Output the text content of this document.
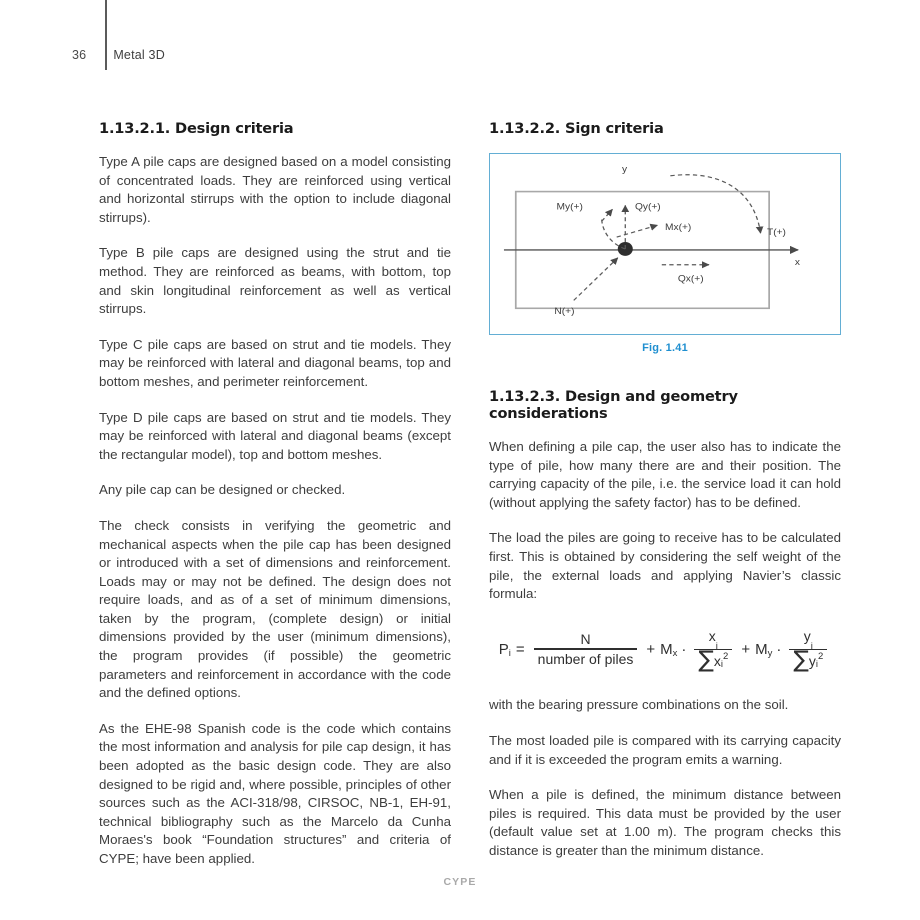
36	Metal 3D
1.13.2.1. Design criteria

Type A pile caps are designed based on a model consisting of concentrated loads. They are reinforced using vertical and horizontal stirrups with the option to include diagonal stirrups).

Type B pile caps are designed using the strut and tie method. They are reinforced as beams, with bottom, top and skin longitudinal reinforcement as well as vertical stirrups.

Type C pile caps are based on strut and tie models. They may be reinforced with lateral and diagonal beams, top and bottom meshes, and perimeter reinforcement.

Type D pile caps are based on strut and tie models. They may be reinforced with lateral and diagonal beams (except the rectangular model), top and bottom meshes.

Any pile cap can be designed or checked.

The check consists in verifying the geometric and mechanical aspects when the pile cap has been designed or introduced with a set of dimensions and reinforcement. Loads may or may not be defined. The design does not require loads, and as of a set of minimum dimensions, taken by the program, (complete design) or initial dimensions provided by the user (minimum dimensions), the program provides (if possible) the geometric parameters and reinforcement in accordance with the code and the defined options.

As the EHE-98 Spanish code is the code which contains the most information and analysis for pile cap design, it has been adopted as the basic design code. They are also designed to be rigid and, where possible, principles of other sources such as the ACI-318/98, CIRSOC, NB-1, EH-91, technical bibliography such as the Marcelo da Cunha Moraes's book “Foundation structures” and criteria of CYPE; have been applied.

1.13.2.2. Sign criteria
y
x
Qy(+)
My(+)
Mx(+)
Qx(+)
N(+)
T(+)
Fig. 1.41
1.13.2.3. Design and geometry considerations

When defining a pile cap, the user also has to indicate the type of pile, how many there are and their position. The carrying capacity of the pile, i.e. the service load it can hold (without applying the safety factor) has to be defined.

The load the piles are going to receive has to be calculated first. This is obtained by considering the self weight of the pile, the external loads and applying Navier’s classic formula:

P $i = \frac{N}{\text{number of piles}} + M$ $x \cdot x_i$
∑ x i
2 + M $y \cdot y_i$
∑ y i
2

with the bearing pressure combinations on the soil.

The most loaded pile is compared with its carrying capacity and if it is exceeded the program emits a warning.

When a pile is defined, the minimum distance between piles is required. This data must be provided by the user (default value set at 1.00 m). The program checks this distance is greater than the minimum distance.

CYPE
